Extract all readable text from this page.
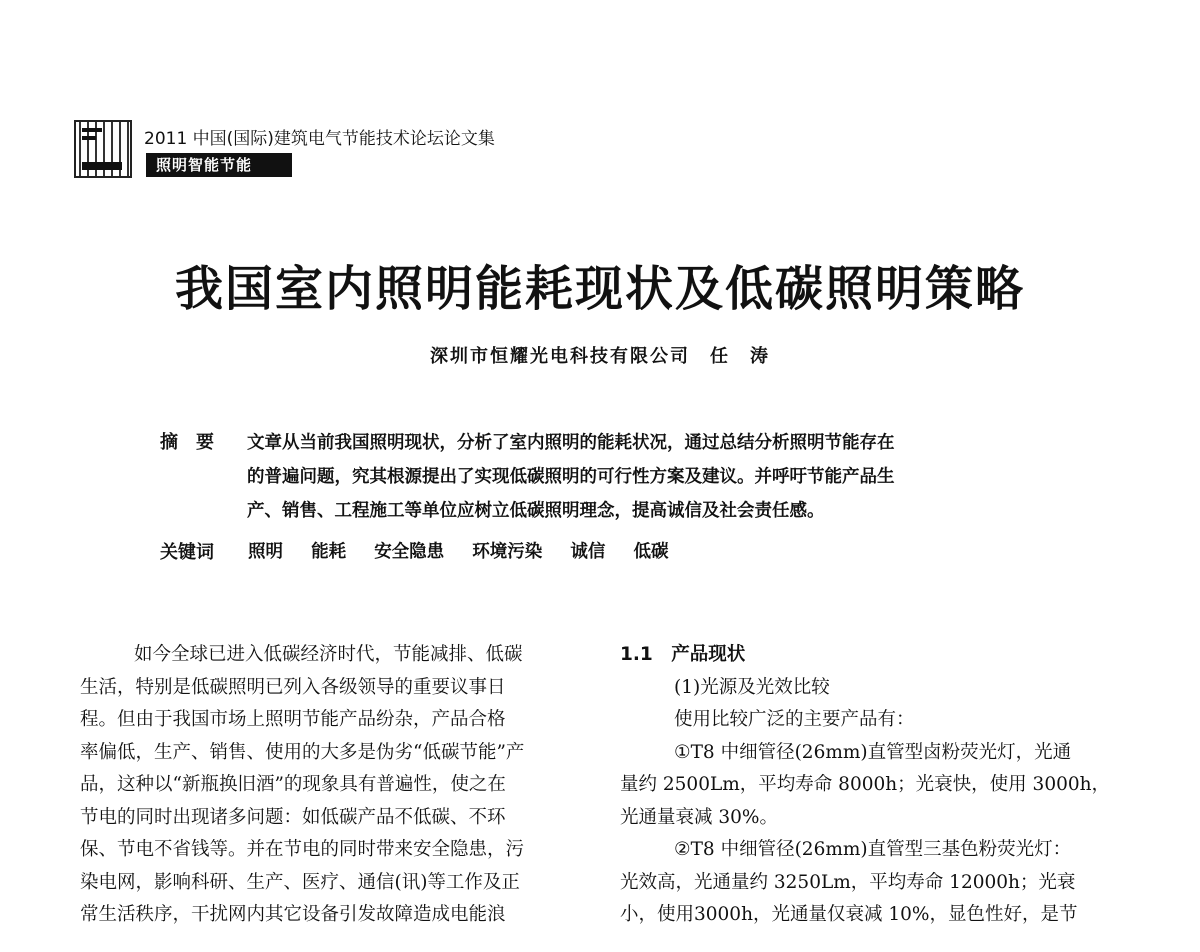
2011 中国(国际)建筑电气节能技术论坛论文集
照明智能节能
我国室内照明能耗现状及低碳照明策略
深圳市恒耀光电科技有限公司　任　涛
摘　要 文章从当前我国照明现状，分析了室内照明的能耗状况，通过总结分析照明节能存在

的普遍问题，究其根源提出了实现低碳照明的可行性方案及建议。并呼吁节能产品生

产、销售、工程施工等单位应树立低碳照明理念，提高诚信及社会责任感。

关键词 照明 能耗 安全隐患 环境污染 诚信 低碳

如今全球已进入低碳经济时代，节能减排、低碳

生活，特别是低碳照明已列入各级领导的重要议事日

程。但由于我国市场上照明节能产品纷杂，产品合格

率偏低，生产、销售、使用的大多是伪劣“低碳节能”产

品，这种以“新瓶换旧酒”的现象具有普遍性，使之在

节电的同时出现诸多问题：如低碳产品不低碳、不环

保、节电不省钱等。并在节电的同时带来安全隐患，污

染电网，影响科研、生产、医疗、通信(讯)等工作及正

常生活秩序，干扰网内其它设备引发故障造成电能浪

1.1　产品现状

(1)光源及光效比较

使用比较广泛的主要产品有：

①T8 中细管径(26mm)直管型卤粉荧光灯，光通

量约 2500Lm，平均寿命 8000h；光衰快，使用 3000h，

光通量衰减 30%。

②T8 中细管径(26mm)直管型三基色粉荧光灯：

光效高，光通量约 3250Lm，平均寿命 12000h；光衰

小，使用3000h，光通量仅衰减 10%，显色性好，是节
